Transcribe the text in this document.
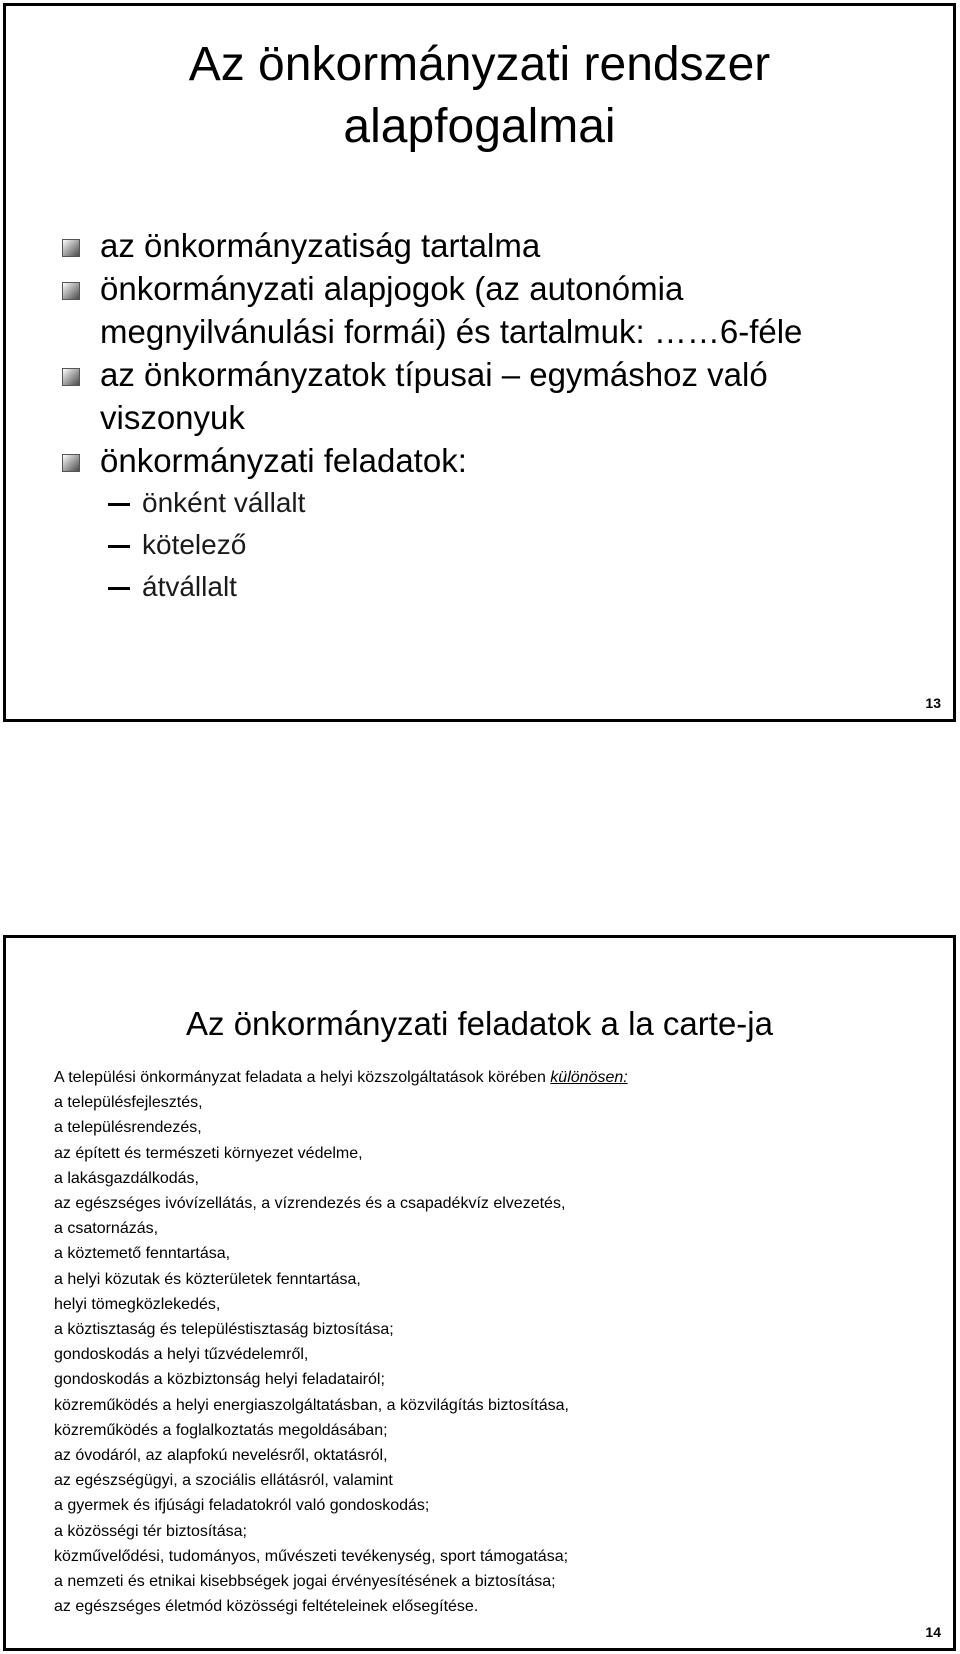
Az önkormányzati rendszer
alapfogalmai
az önkormányzatiság tartalma
önkormányzati alapjogok (az autonómia
megnyilvánulási formái) és tartalmuk: ……6-féle
az önkormányzatok típusai – egymáshoz való
viszonyuk
önkormányzati feladatok:
önként vállalt
kötelező
átvállalt
13
Az önkormányzati feladatok a la carte-ja
A települési önkormányzat feladata a helyi közszolgáltatások körében különösen:
a településfejlesztés,
a településrendezés,
az épített és természeti környezet védelme,
a lakásgazdálkodás,
az egészséges ivóvízellátás, a vízrendezés és a csapadékvíz elvezetés,
a csatornázás,
a köztemető fenntartása,
a helyi közutak és közterületek fenntartása,
helyi tömegközlekedés,
a köztisztaság és településtisztaság biztosítása;
gondoskodás a helyi tűzvédelemről,
gondoskodás a közbiztonság helyi feladatairól;
közreműködés a helyi energiaszolgáltatásban, a közvilágítás biztosítása,
közreműködés a foglalkoztatás megoldásában;
az óvodáról, az alapfokú nevelésről, oktatásról,
az egészségügyi, a szociális ellátásról, valamint
a gyermek és ifjúsági feladatokról való gondoskodás;
a közösségi tér biztosítása;
közművelődési, tudományos, művészeti tevékenység, sport támogatása;
a nemzeti és etnikai kisebbségek jogai érvényesítésének a biztosítása;
az egészséges életmód közösségi feltételeinek elősegítése.
14
